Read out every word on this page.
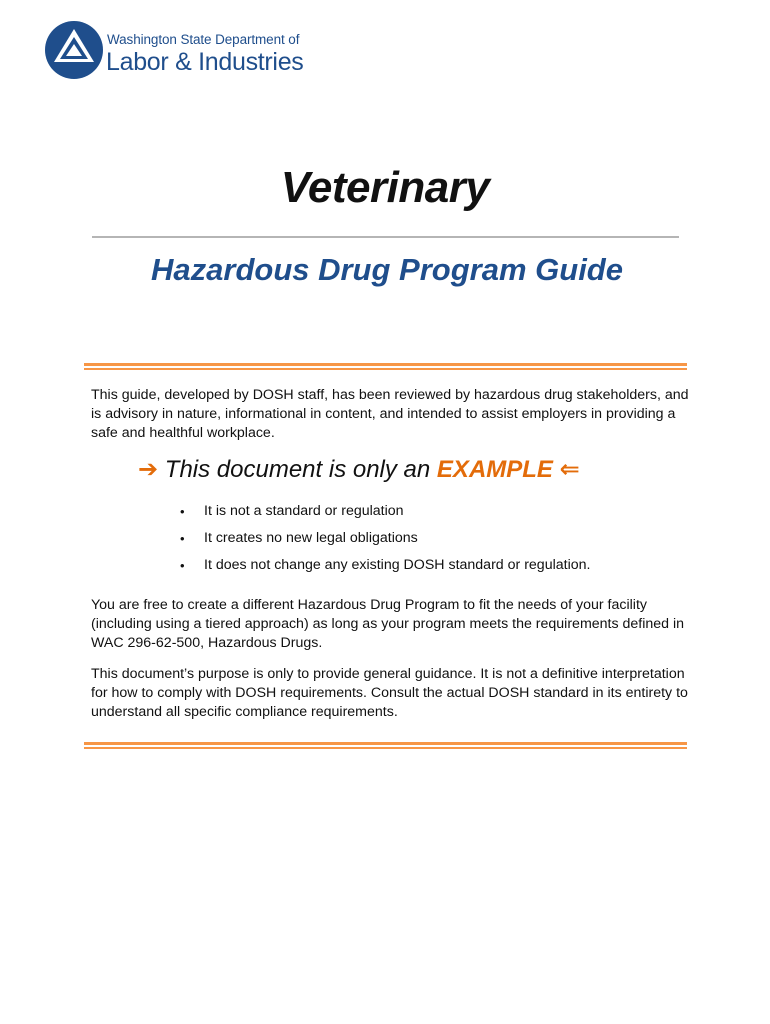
Washington State Department of
Labor & Industries
Veterinary
Hazardous Drug Program Guide

This guide, developed by DOSH staff, has been reviewed by hazardous drug stakeholders, and is advisory in nature, informational in content, and intended to assist employers in providing a safe and healthful workplace.

➔ This document is only an EXAMPLE ⇐
• It is not a standard or regulation
• It creates no new legal obligations
• It does not change any existing DOSH standard or regulation.

You are free to create a different Hazardous Drug Program to fit the needs of your facility (including using a tiered approach) as long as your program meets the requirements defined in WAC 296-62-500, Hazardous Drugs.

This document’s purpose is only to provide general guidance. It is not a definitive interpretation for how to comply with DOSH requirements. Consult the actual DOSH standard in its entirety to understand all specific compliance requirements.
